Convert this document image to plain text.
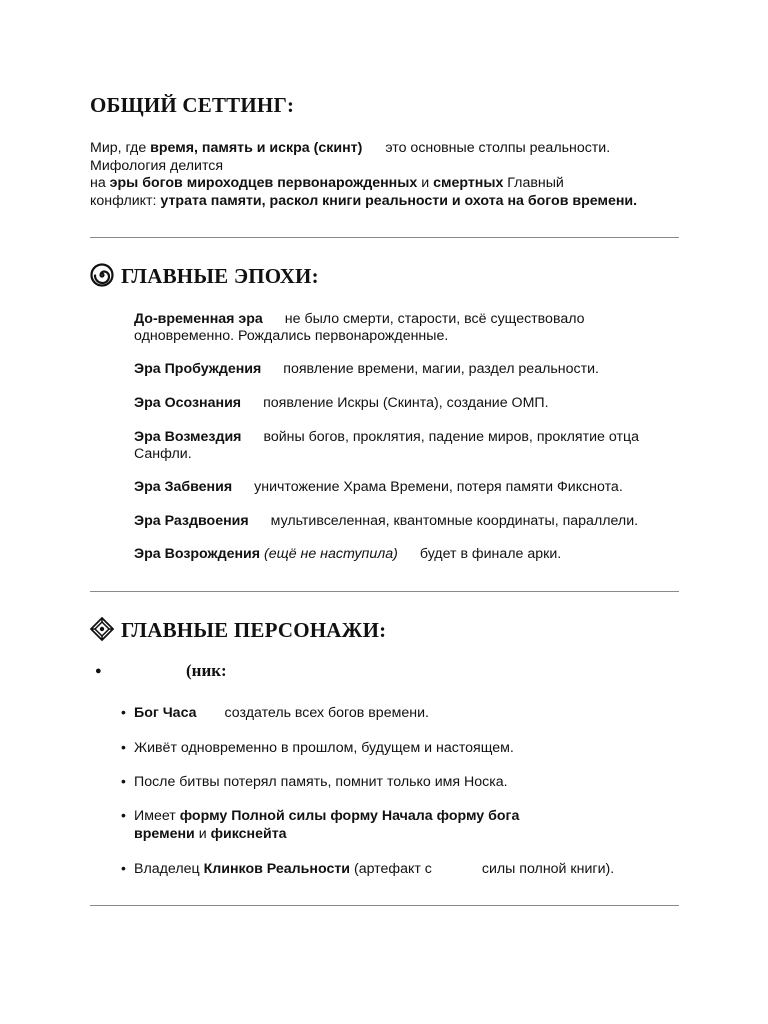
ОБЩИЙ СЕТТИНГ:
Мир, где время, память и искра (скинт) это основные столпы реальности.
Мифология делится
на эры богов мироходцев первонарожденных и смертных Главный
конфликт: утрата памяти, раскол книги реальности и охота на богов времени.
ГЛАВНЫЕ ЭПОХИ:
До-временная эра не было смерти, старости, всё существовало
одновременно. Рождались первонарожденные.
Эра Пробуждения появление времени, магии, раздел реальности.
Эра Осознания появление Искры (Скинта), создание ОМП.
Эра Возмездия войны богов, проклятия, падение миров, проклятие отца
Санфли.
Эра Забвения уничтожение Храма Времени, потеря памяти Фикснота.
Эра Раздвоения мультивселенная, квантомные координаты, параллели.
Эра Возрождения (ещё не наступила) будет в финале арки.
ГЛАВНЫЕ ПЕРСОНАЖИ:
●	(ник:
• Бог Часа создатель всех богов времени.
• Живёт одновременно в прошлом, будущем и настоящем.
• После битвы потерял память, помнит только имя Носка.
• Имеет форму Полной силы форму Начала форму бога
времени и фикснейта
• Владелец Клинков Реальности (артефакт с	силы полной книги).
